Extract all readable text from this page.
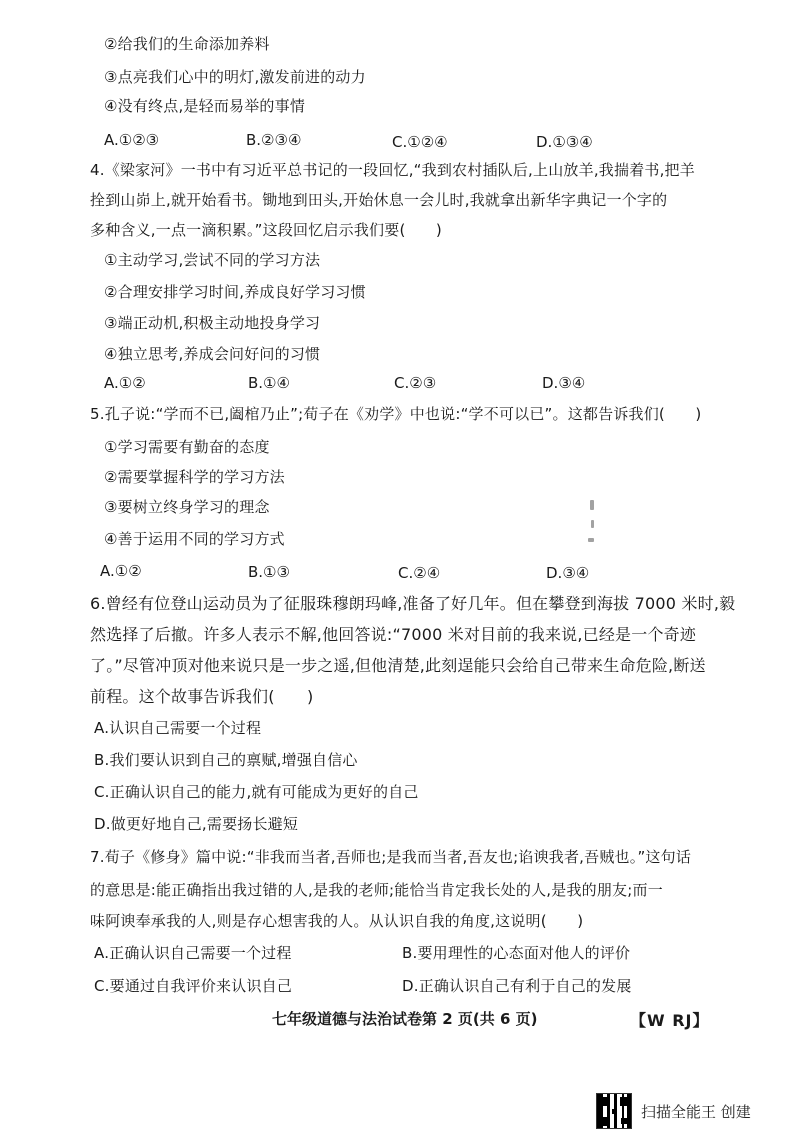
②给我们的生命添加养料
③点亮我们心中的明灯,激发前进的动力
④没有终点,是轻而易举的事情
A.①②③	B.②③④	C.①②④	D.①③④
4.《梁家河》一书中有习近平总书记的一段回忆,“我到农村插队后,上山放羊,我揣着书,把羊
拴到山峁上,就开始看书。锄地到田头,开始休息一会儿时,我就拿出新华字典记一个字的
多种含义,一点一滴积累。”这段回忆启示我们要(　　)
①主动学习,尝试不同的学习方法
②合理安排学习时间,养成良好学习习惯
③端正动机,积极主动地投身学习
④独立思考,养成会问好问的习惯
A.①②	B.①④	C.②③	D.③④
5.孔子说:“学而不已,阖棺乃止”;荀子在《劝学》中也说:“学不可以已”。这都告诉我们(　　)
①学习需要有勤奋的态度
②需要掌握科学的学习方法
③要树立终身学习的理念
④善于运用不同的学习方式
A.①②	B.①③	C.②④	D.③④
6.曾经有位登山运动员为了征服珠穆朗玛峰,准备了好几年。但在攀登到海拔 7000 米时,毅
然选择了后撤。许多人表示不解,他回答说:“7000 米对目前的我来说,已经是一个奇迹
了。”尽管冲顶对他来说只是一步之遥,但他清楚,此刻逞能只会给自己带来生命危险,断送
前程。这个故事告诉我们(　　)
A.认识自己需要一个过程
B.我们要认识到自己的禀赋,增强自信心
C.正确认识自己的能力,就有可能成为更好的自己
D.做更好地自己,需要扬长避短
7.荀子《修身》篇中说:“非我而当者,吾师也;是我而当者,吾友也;谄谀我者,吾贼也。”这句话
的意思是:能正确指出我过错的人,是我的老师;能恰当肯定我长处的人,是我的朋友;而一
味阿谀奉承我的人,则是存心想害我的人。从认识自我的角度,这说明(　　)
A.正确认识自己需要一个过程	B.要用理性的心态面对他人的评价
C.要通过自我评价来认识自己	D.正确认识自己有利于自己的发展
七年级道德与法治试卷第 2 页(共 6 页)	【W RJ】
扫描全能王 创建
